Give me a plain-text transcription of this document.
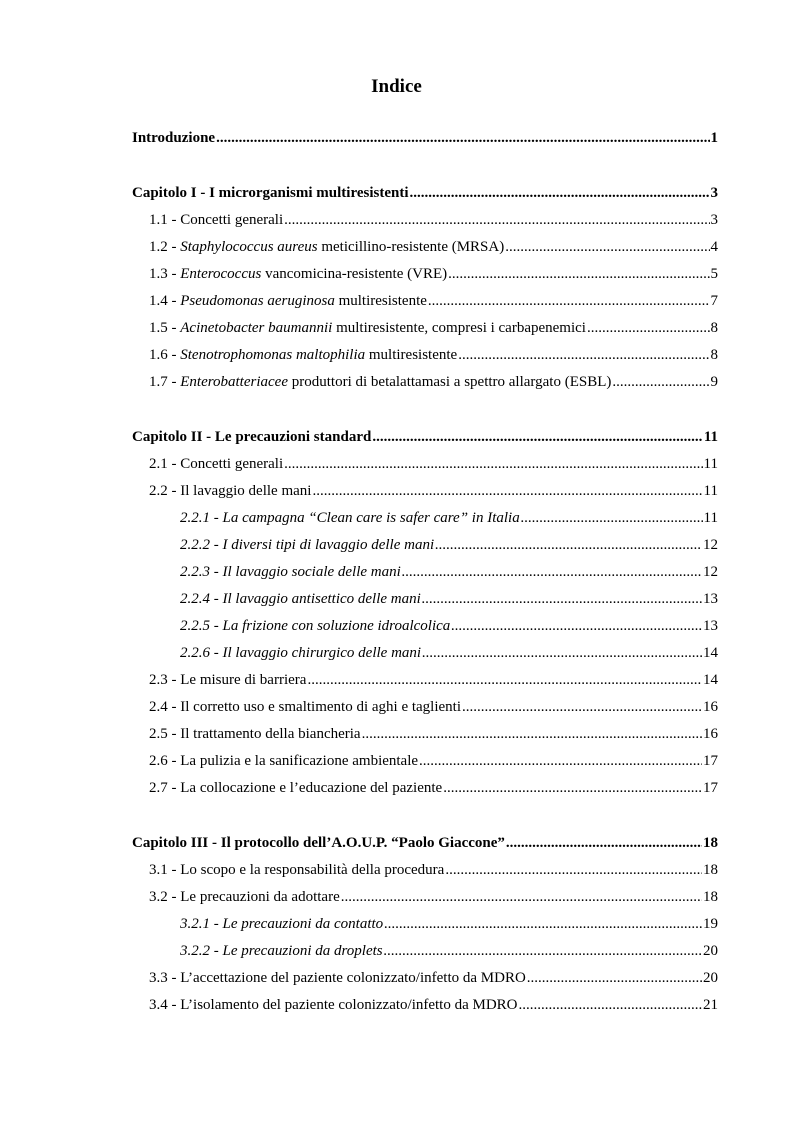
Indice
Introduzione .....	1
Capitolo I - I microrganismi multiresistenti .....	3
1.1 - Concetti generali .....	3
1.2 - Staphylococcus aureus meticillino-resistente (MRSA) .....	4
1.3 - Enterococcus vancomicina-resistente (VRE) .....	5
1.4 - Pseudomonas aeruginosa multiresistente .....	7
1.5 - Acinetobacter baumannii multiresistente, compresi i carbapenemici .....	8
1.6 - Stenotrophomonas maltophilia multiresistente .....	8
1.7 - Enterobatteriacee produttori di betalattamasi a spettro allargato (ESBL) .....	9
Capitolo II - Le precauzioni standard .....	11
2.1 - Concetti generali .....	11
2.2 - Il lavaggio delle mani .....	11
2.2.1 - La campagna “Clean care is safer care” in Italia .....	11
2.2.2 - I diversi tipi di lavaggio delle mani .....	12
2.2.3 - Il lavaggio sociale delle mani .....	12
2.2.4 - Il lavaggio antisettico delle mani .....	13
2.2.5 - La frizione con soluzione idroalcolica .....	13
2.2.6 - Il lavaggio chirurgico delle mani .....	14
2.3 - Le misure di barriera .....	14
2.4 - Il corretto uso e smaltimento di aghi e taglienti .....	16
2.5 - Il trattamento della biancheria .....	16
2.6 - La pulizia e la sanificazione ambientale .....	17
2.7 - La collocazione e l’educazione del paziente .....	17
Capitolo III - Il protocollo dell’A.O.U.P. “Paolo Giaccone” .....	18
3.1 - Lo scopo e la responsabilità della procedura .....	18
3.2 - Le precauzioni da adottare .....	18
3.2.1 - Le precauzioni da contatto .....	19
3.2.2 - Le precauzioni da droplets .....	20
3.3 - L’accettazione del paziente colonizzato/infetto da MDRO .....	20
3.4 - L’isolamento del paziente colonizzato/infetto da MDRO .....	21
